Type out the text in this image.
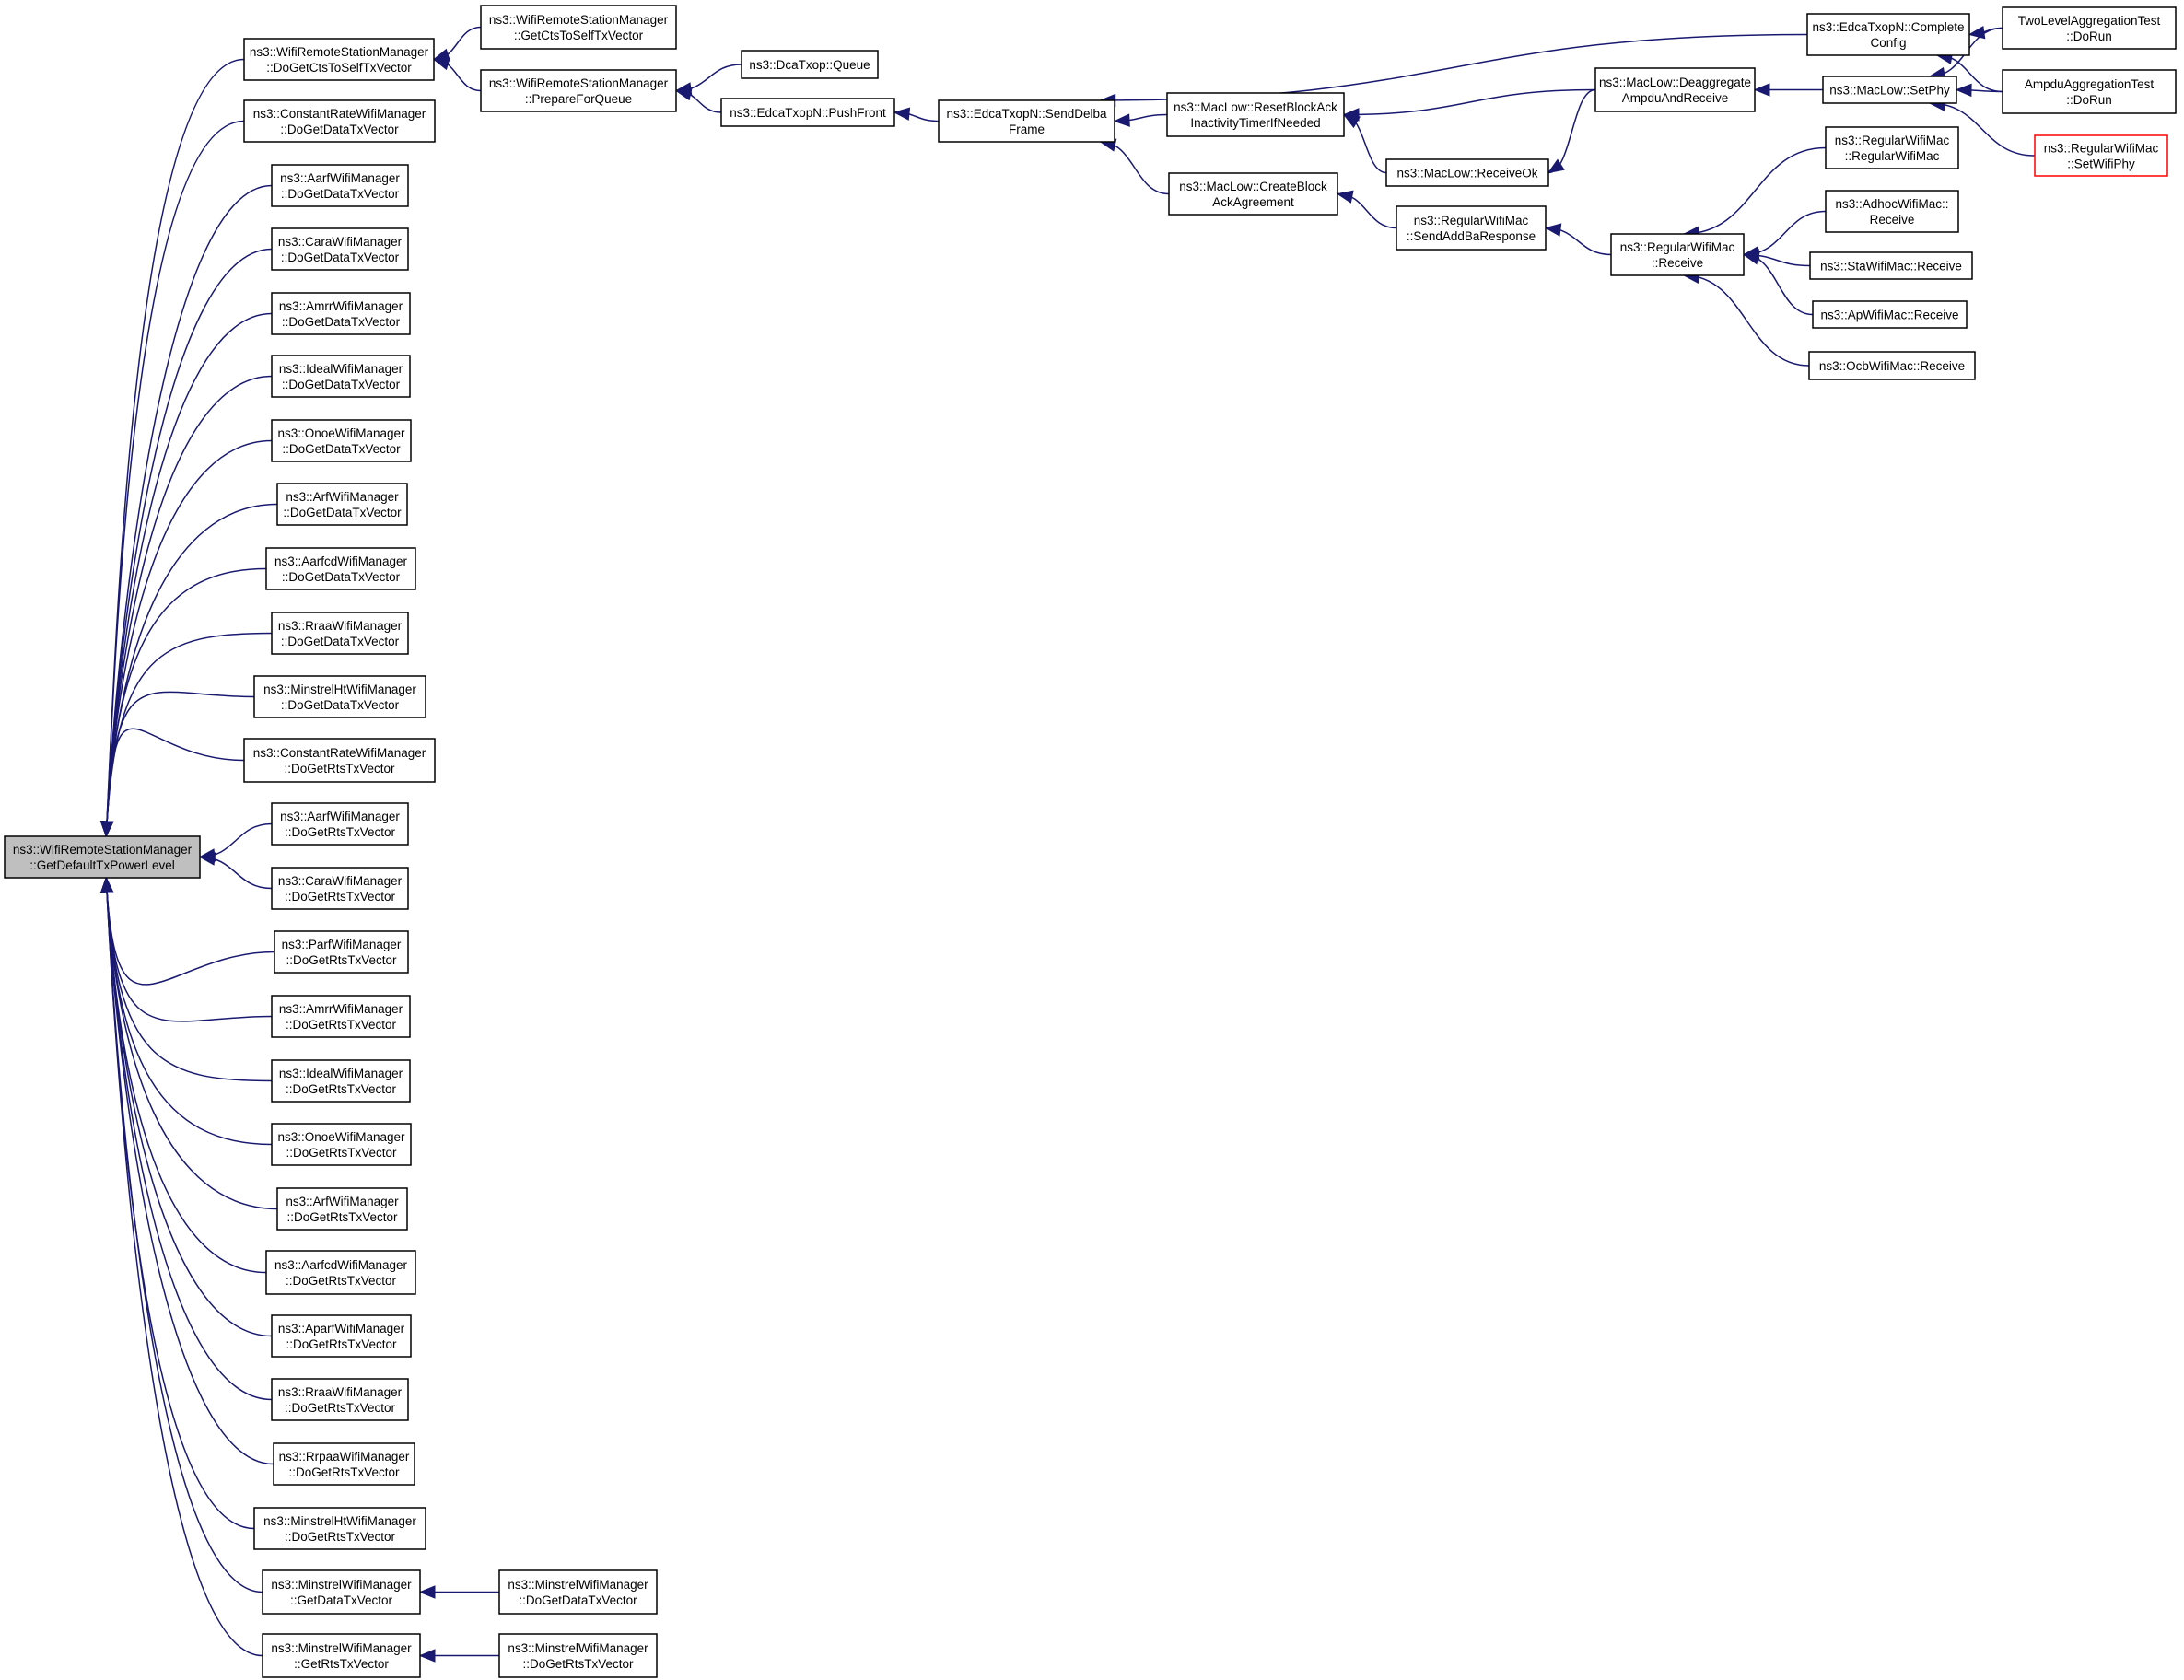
ns3::WifiRemoteStationManager
::GetDefaultTxPowerLevel
ns3::WifiRemoteStationManager
::DoGetCtsToSelfTxVector
ns3::ConstantRateWifiManager
::DoGetDataTxVector
ns3::AarfWifiManager
::DoGetDataTxVector
ns3::CaraWifiManager
::DoGetDataTxVector
ns3::AmrrWifiManager
::DoGetDataTxVector
ns3::IdealWifiManager
::DoGetDataTxVector
ns3::OnoeWifiManager
::DoGetDataTxVector
ns3::ArfWifiManager
::DoGetDataTxVector
ns3::AarfcdWifiManager
::DoGetDataTxVector
ns3::RraaWifiManager
::DoGetDataTxVector
ns3::MinstrelHtWifiManager
::DoGetDataTxVector
ns3::ConstantRateWifiManager
::DoGetRtsTxVector
ns3::AarfWifiManager
::DoGetRtsTxVector
ns3::CaraWifiManager
::DoGetRtsTxVector
ns3::ParfWifiManager
::DoGetRtsTxVector
ns3::AmrrWifiManager
::DoGetRtsTxVector
ns3::IdealWifiManager
::DoGetRtsTxVector
ns3::OnoeWifiManager
::DoGetRtsTxVector
ns3::ArfWifiManager
::DoGetRtsTxVector
ns3::AarfcdWifiManager
::DoGetRtsTxVector
ns3::AparfWifiManager
::DoGetRtsTxVector
ns3::RraaWifiManager
::DoGetRtsTxVector
ns3::RrpaaWifiManager
::DoGetRtsTxVector
ns3::MinstrelHtWifiManager
::DoGetRtsTxVector
ns3::MinstrelWifiManager
::GetDataTxVector
ns3::MinstrelWifiManager
::GetRtsTxVector
ns3::WifiRemoteStationManager
::GetCtsToSelfTxVector
ns3::WifiRemoteStationManager
::PrepareForQueue
ns3::MinstrelWifiManager
::DoGetDataTxVector
ns3::MinstrelWifiManager
::DoGetRtsTxVector
ns3::DcaTxop::Queue
ns3::EdcaTxopN::PushFront	ns3::EdcaTxopN::SendDelba
Frame
ns3::MacLow::ResetBlockAck
InactivityTimerIfNeeded
ns3::MacLow::CreateBlock
AckAgreement
ns3::MacLow::ReceiveOk
ns3::RegularWifiMac
::SendAddBaResponse
ns3::MacLow::Deaggregate
AmpduAndReceive
ns3::EdcaTxopN::Complete
Config
ns3::RegularWifiMac
::Receive
ns3::MacLow::SetPhy
ns3::RegularWifiMac
::RegularWifiMac
ns3::AdhocWifiMac::
Receive
ns3::StaWifiMac::Receive
ns3::ApWifiMac::Receive
ns3::OcbWifiMac::Receive
TwoLevelAggregationTest
::DoRun
AmpduAggregationTest
::DoRun
ns3::RegularWifiMac
::SetWifiPhy
